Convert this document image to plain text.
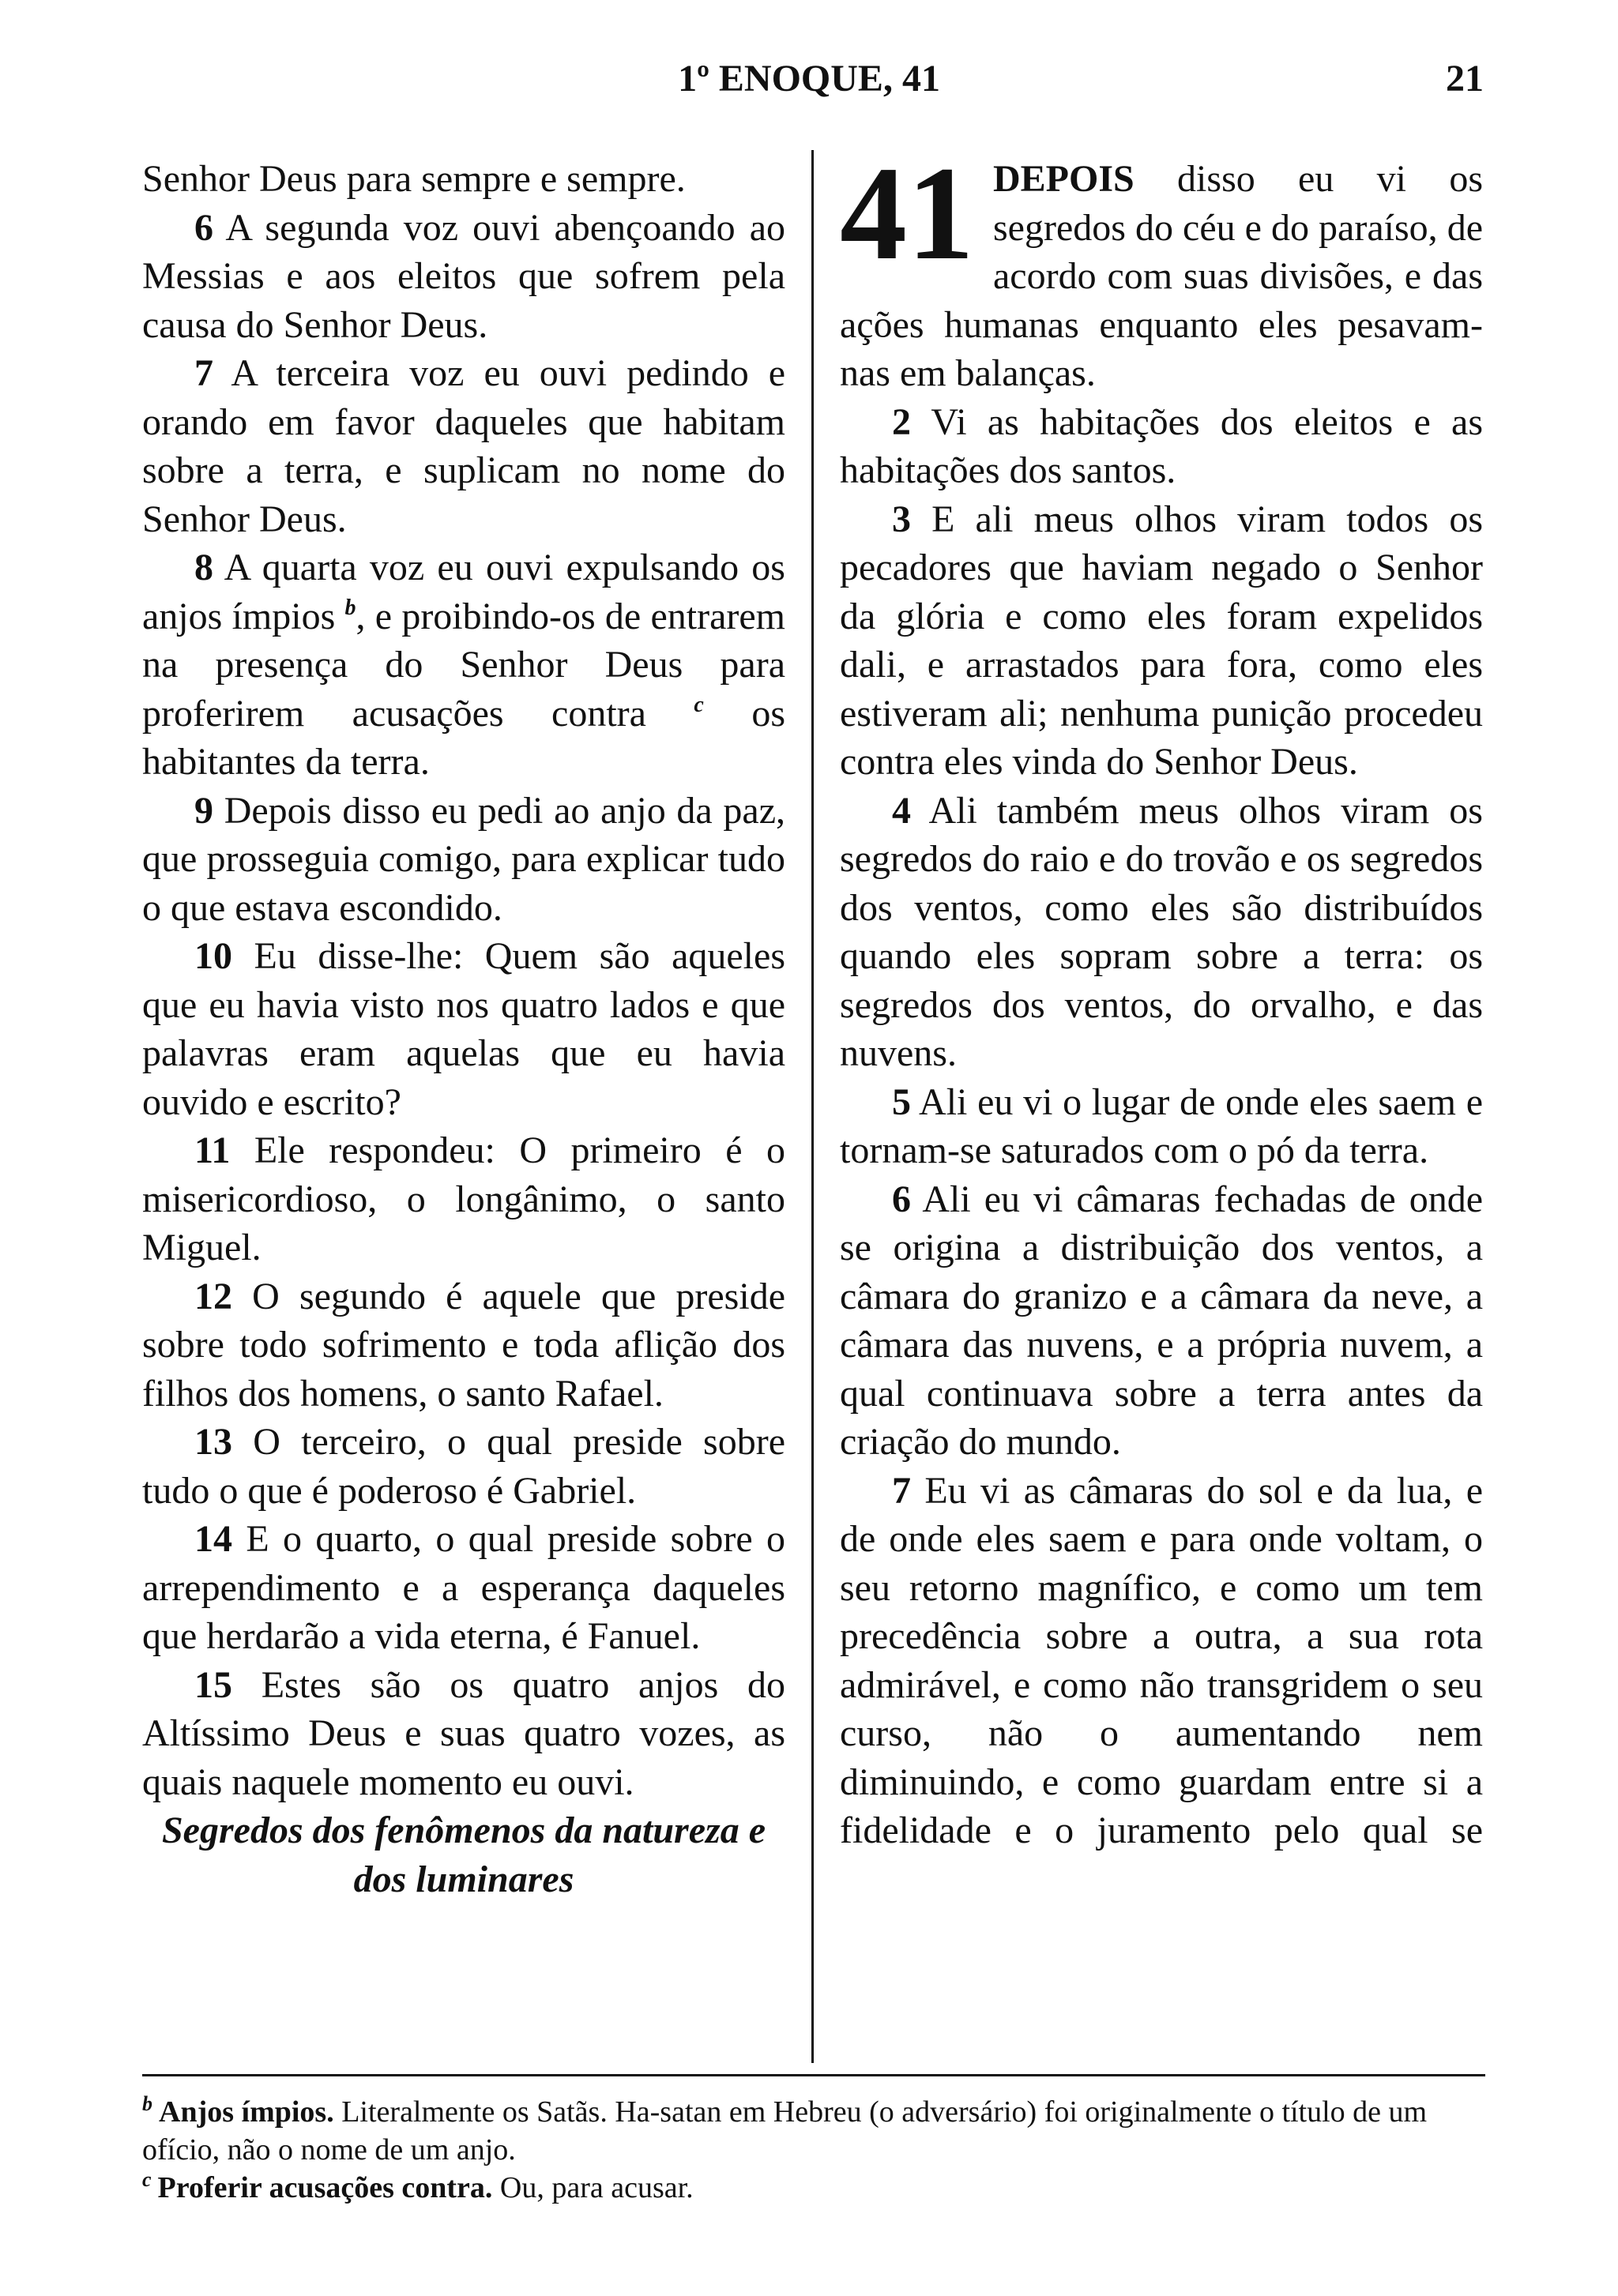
1º ENOQUE, 41	21

Senhor Deus para sempre e sempre.

6 A segunda voz ouvi abençoando ao Messias e aos eleitos que sofrem pela causa do Senhor Deus.

7 A terceira voz eu ouvi pedindo e orando em favor daqueles que habitam sobre a terra, e suplicam no nome do Senhor Deus.

8 A quarta voz eu ouvi expulsando os anjos ímpios $^b$, e proibindo-os de entrarem na presença do Senhor Deus para proferirem acusações contra $^c$ os habitantes da terra.

9 Depois disso eu pedi ao anjo da paz, que prosseguia comigo, para explicar tudo o que estava escondido.

10 Eu disse-lhe: Quem são aqueles que eu havia visto nos quatro lados e que palavras eram aquelas que eu havia ouvido e escrito?

11 Ele respondeu: O primeiro é o misericordioso, o longânimo, o santo Miguel.

12 O segundo é aquele que preside sobre todo sofrimento e toda aflição dos filhos dos homens, o santo Rafael.

13 O terceiro, o qual preside sobre tudo o que é poderoso é Gabriel.

14 E o quarto, o qual preside sobre o arrependimento e a esperança daqueles que herdarão a vida eterna, é Fanuel.

15 Estes são os quatro anjos do Altíssimo Deus e suas quatro vozes, as quais naquele momento eu ouvi.

Segredos dos fenômenos da natureza e dos luminares

41 DEPOIS disso eu vi os segredos do céu e do paraíso, de acordo com suas divisões, e das ações humanas enquanto eles pesavam-nas em balanças.

2 Vi as habitações dos eleitos e as habitações dos santos.

3 E ali meus olhos viram todos os pecadores que haviam negado o Senhor da glória e como eles foram expelidos dali, e arrastados para fora, como eles estiveram ali; nenhuma punição procedeu contra eles vinda do Senhor Deus.

4 Ali também meus olhos viram os segredos do raio e do trovão e os segredos dos ventos, como eles são distribuídos quando eles sopram sobre a terra: os segredos dos ventos, do orvalho, e das nuvens.

5 Ali eu vi o lugar de onde eles saem e tornam-se saturados com o pó da terra.

6 Ali eu vi câmaras fechadas de onde se origina a distribuição dos ventos, a câmara do granizo e a câmara da neve, a câmara das nuvens, e a própria nuvem, a qual continuava sobre a terra antes da criação do mundo.

7 Eu vi as câmaras do sol e da lua, e de onde eles saem e para onde voltam, o seu retorno magnífico, e como um tem precedência sobre a outra, a sua rota admirável, e como não transgridem o seu curso, não o aumentando nem diminuindo, e como guardam entre si a fidelidade e o juramento pelo qual se

$^b$ Anjos ímpios. Literalmente os Satãs. Ha-satan em Hebreu (o adversário) foi originalmente o título de um ofício, não o nome de um anjo.

$^c$ Proferir acusações contra. Ou, para acusar.
